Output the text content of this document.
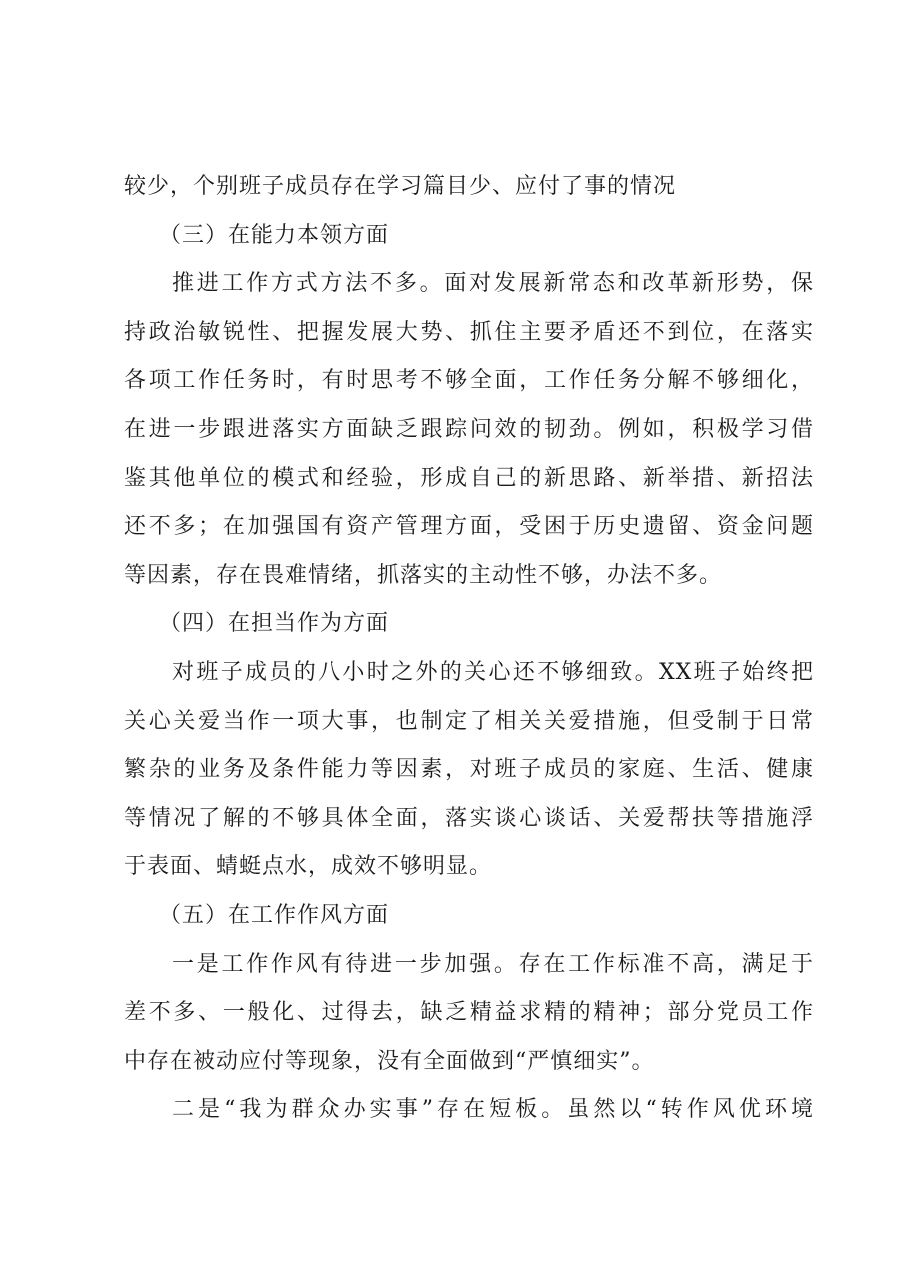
较少，个别班子成员存在学习篇目少、应付了事的情况
（三）在能力本领方面
推进工作方式方法不多。面对发展新常态和改革新形势，保
持政治敏锐性、把握发展大势、抓住主要矛盾还不到位，在落实
各项工作任务时，有时思考不够全面，工作任务分解不够细化，
在进一步跟进落实方面缺乏跟踪问效的韧劲。例如，积极学习借
鉴其他单位的模式和经验，形成自己的新思路、新举措、新招法
还不多；在加强国有资产管理方面，受困于历史遗留、资金问题
等因素，存在畏难情绪，抓落实的主动性不够，办法不多。
（四）在担当作为方面
对班子成员的八小时之外的关心还不够细致。XX班子始终把
关心关爱当作一项大事，也制定了相关关爱措施，但受制于日常
繁杂的业务及条件能力等因素，对班子成员的家庭、生活、健康
等情况了解的不够具体全面，落实谈心谈话、关爱帮扶等措施浮
于表面、蜻蜓点水，成效不够明显。
（五）在工作作风方面
一是工作作风有待进一步加强。存在工作标准不高，满足于
差不多、一般化、过得去，缺乏精益求精的精神；部分党员工作
中存在被动应付等现象，没有全面做到“严慎细实”。
二是“我为群众办实事”存在短板。虽然以“转作风优环境
